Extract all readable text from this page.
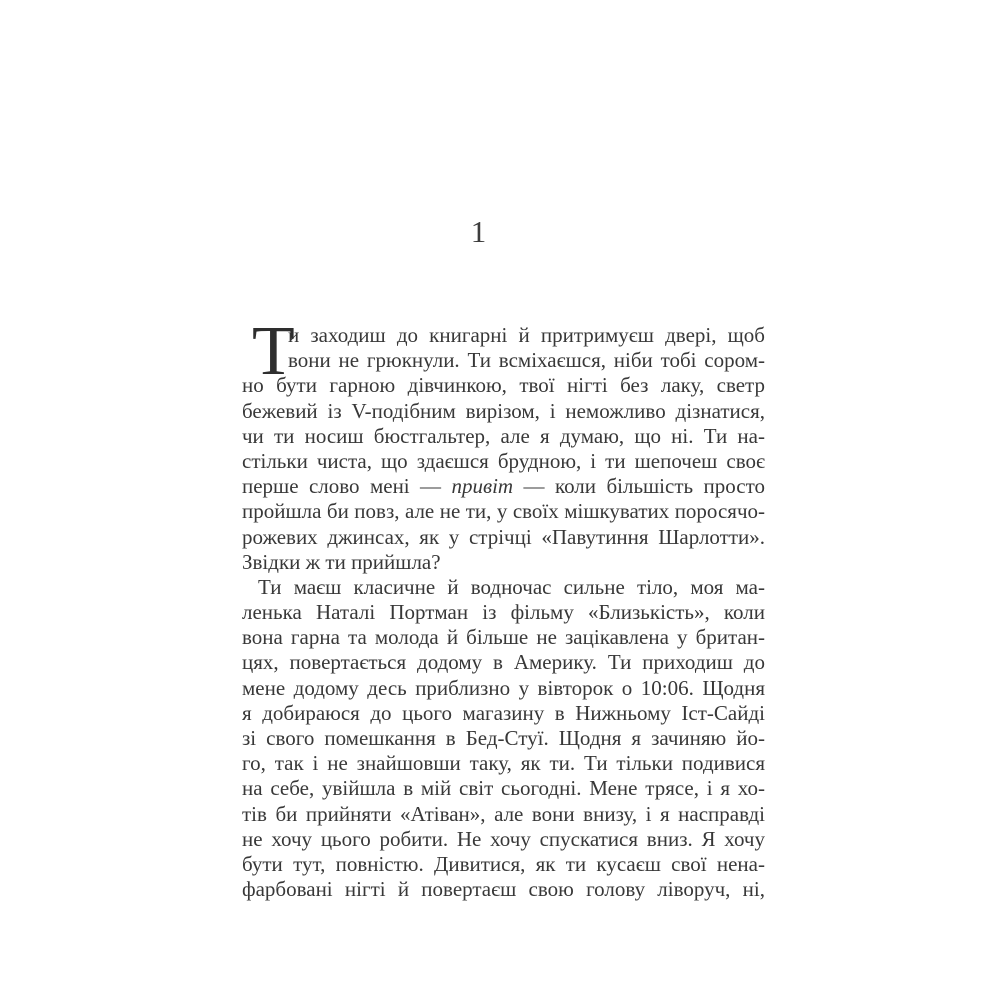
1
Т
и заходиш до книгарні й притримуєш двері, щоб
вони не грюкнули. Ти всміхаєшся, ніби тобі сором-
но бути гарною дівчинкою, твої нігті без лаку, светр
бежевий із V-подібним вирізом, і неможливо дізнатися,
чи ти носиш бюстгальтер, але я думаю, що ні. Ти на-
стільки чиста, що здаєшся брудною, і ти шепочеш своє
перше слово мені — привіт — коли більшість просто
пройшла би повз, але не ти, у своїх мішкуватих поросячо-
рожевих джинсах, як у стрічці «Павутиння Шарлотти».
Звідки ж ти прийшла?
Ти маєш класичне й водночас сильне тіло, моя ма-
ленька Наталі Портман із фільму «Близькість», коли
вона гарна та молода й більше не зацікавлена у британ-
цях, повертається додому в Америку. Ти приходиш до
мене додому десь приблизно у вівторок о 10:06. Щодня
я добираюся до цього магазину в Нижньому Іст-Сайді
зі свого помешкання в Бед-Стуї. Щодня я зачиняю йо-
го, так і не знайшовши таку, як ти. Ти тільки подивися
на себе, увійшла в мій світ сьогодні. Мене трясе, і я хо-
тів би прийняти «Атіван», але вони внизу, і я насправді
не хочу цього робити. Не хочу спускатися вниз. Я хочу
бути тут, повністю. Дивитися, як ти кусаєш свої нена-
фарбовані нігті й повертаєш свою голову ліворуч, ні,
